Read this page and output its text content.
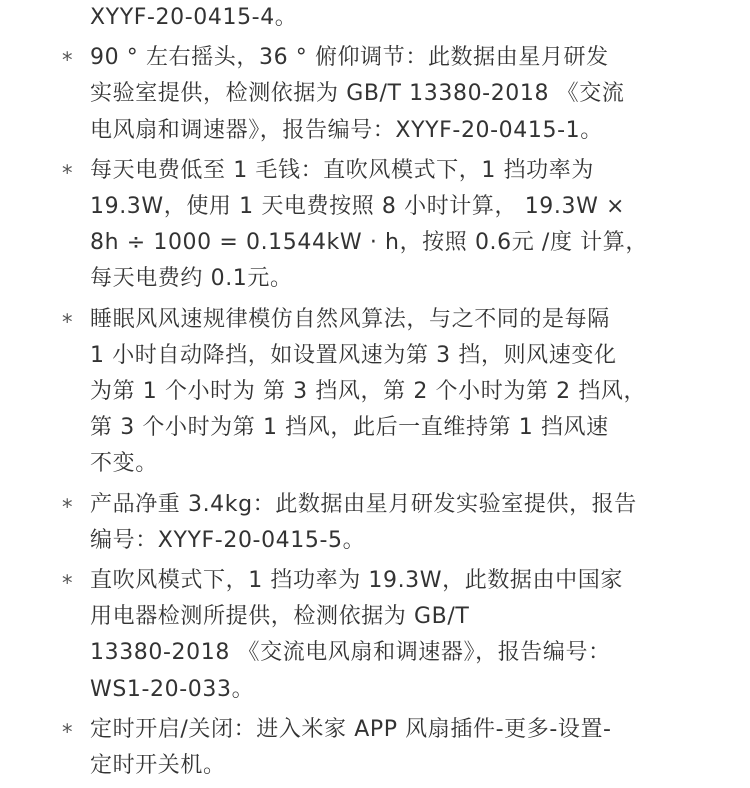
XYYF-20-0415-4。
* 90 ° 左右摇头，36 ° 俯仰调节：此数据由星月研发
实验室提供，检测依据为 GB/T 13380-2018 《交流
电风扇和调速器》，报告编号：XYYF-20-0415-1。
* 每天电费低至 1 毛钱：直吹风模式下，1 挡功率为
19.3W，使用 1 天电费按照 8 小时计算， 19.3W ×
8h ÷ 1000 = 0.1544kW · h，按照 0.6元 /度 计算，
每天电费约 0.1元。
* 睡眠风风速规律模仿自然风算法，与之不同的是每隔
1 小时自动降挡，如设置风速为第 3 挡，则风速变化
为第 1 个小时为 第 3 挡风，第 2 个小时为第 2 挡风，
第 3 个小时为第 1 挡风，此后一直维持第 1 挡风速
不变。
* 产品净重 3.4kg：此数据由星月研发实验室提供，报告
编号：XYYF-20-0415-5。
* 直吹风模式下，1 挡功率为 19.3W，此数据由中国家
用电器检测所提供，检测依据为 GB/T
13380-2018 《交流电风扇和调速器》，报告编号：
WS1-20-033。
* 定时开启/关闭：进入米家 APP 风扇插件-更多-设置-
定时开关机。
